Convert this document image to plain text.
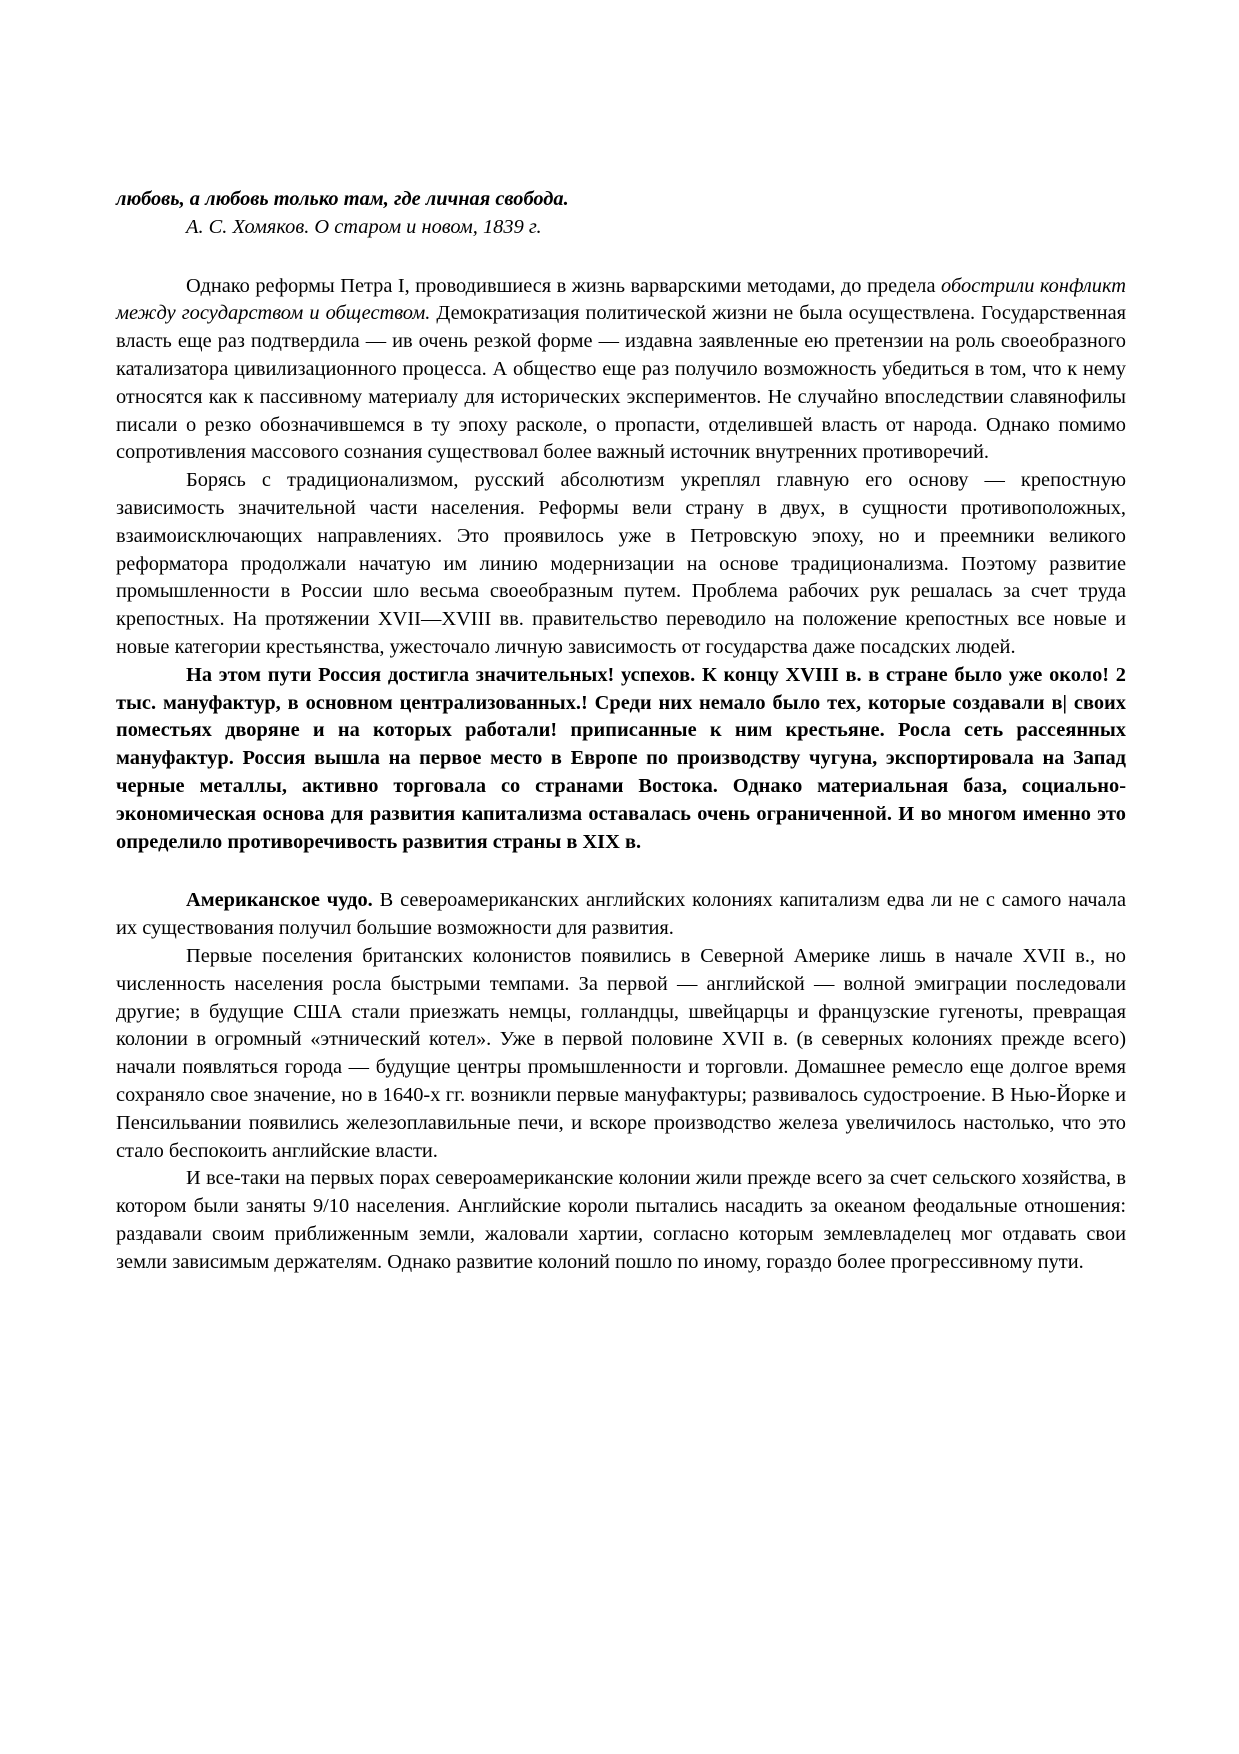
любовь, а любовь только там, где личная свобода.
А. С. Хомяков. О старом и новом, 1839 г.

Однако реформы Петра I, проводившиеся в жизнь варварскими методами, до предела обострили конфликт между государством и обществом. Демократизация политической жизни не была осуществлена. Государственная власть еще раз подтвердила — ив очень резкой форме — издавна заявленные ею претензии на роль своеобразного катализатора цивилизационного процесса. А общество еще раз получило возможность убедиться в том, что к нему относятся как к пассивному материалу для исторических экспериментов. Не случайно впоследствии славянофилы писали о резко обозначившемся в ту эпоху расколе, о пропасти, отделившей власть от народа. Однако помимо сопротивления массового сознания существовал более важный источник внутренних противоречий.

Борясь с традиционализмом, русский абсолютизм укреплял главную его основу — крепостную зависимость значительной части населения. Реформы вели страну в двух, в сущности противоположных, взаимоисключающих направлениях. Это проявилось уже в Петровскую эпоху, но и преемники великого реформатора продолжали начатую им линию модернизации на основе традиционализма. Поэтому развитие промышленности в России шло весьма своеобразным путем. Проблема рабочих рук решалась за счет труда крепостных. На протяжении XVII—XVIII вв. правительство переводило на положение крепостных все новые и новые категории крестьянства, ужесточало личную зависимость от государства даже посадских людей.

На этом пути Россия достигла значительных! успехов. К концу XVIII в. в стране было уже около! 2 тыс. мануфактур, в основном централизованных.! Среди них немало было тех, которые создавали в| своих поместьях дворяне и на которых работали! приписанные к ним крестьяне. Росла сеть рассеянных мануфактур. Россия вышла на первое место в Европе по производству чугуна, экспортировала на Запад черные металлы, активно торговала со странами Востока. Однако материальная база, социально-экономическая основа для развития капитализма оставалась очень ограниченной. И во многом именно это определило противоречивость развития страны в XIX в.

Американское чудо. В североамериканских английских колониях капитализм едва ли не с самого начала их существования получил большие возможности для развития.

Первые поселения британских колонистов появились в Северной Америке лишь в начале XVII в., но численность населения росла быстрыми темпами. За первой — английской — волной эмиграции последовали другие; в будущие США стали приезжать немцы, голландцы, швейцарцы и французские гугеноты, превращая колонии в огромный «этнический котел». Уже в первой половине XVII в. (в северных колониях прежде всего) начали появляться города — будущие центры промышленности и торговли. Домашнее ремесло еще долгое время сохраняло свое значение, но в 1640-х гг. возникли первые мануфактуры; развивалось судостроение. В Нью-Йорке и Пенсильвании появились железоплавильные печи, и вскоре производство железа увеличилось настолько, что это стало беспокоить английские власти.

И все-таки на первых порах североамериканские колонии жили прежде всего за счет сельского хозяйства, в котором были заняты 9/10 населения. Английские короли пытались насадить за океаном феодальные отношения: раздавали своим приближенным земли, жаловали хартии, согласно которым землевладелец мог отдавать свои земли зависимым держателям. Однако развитие колоний пошло по иному, гораздо более прогрессивному пути.
